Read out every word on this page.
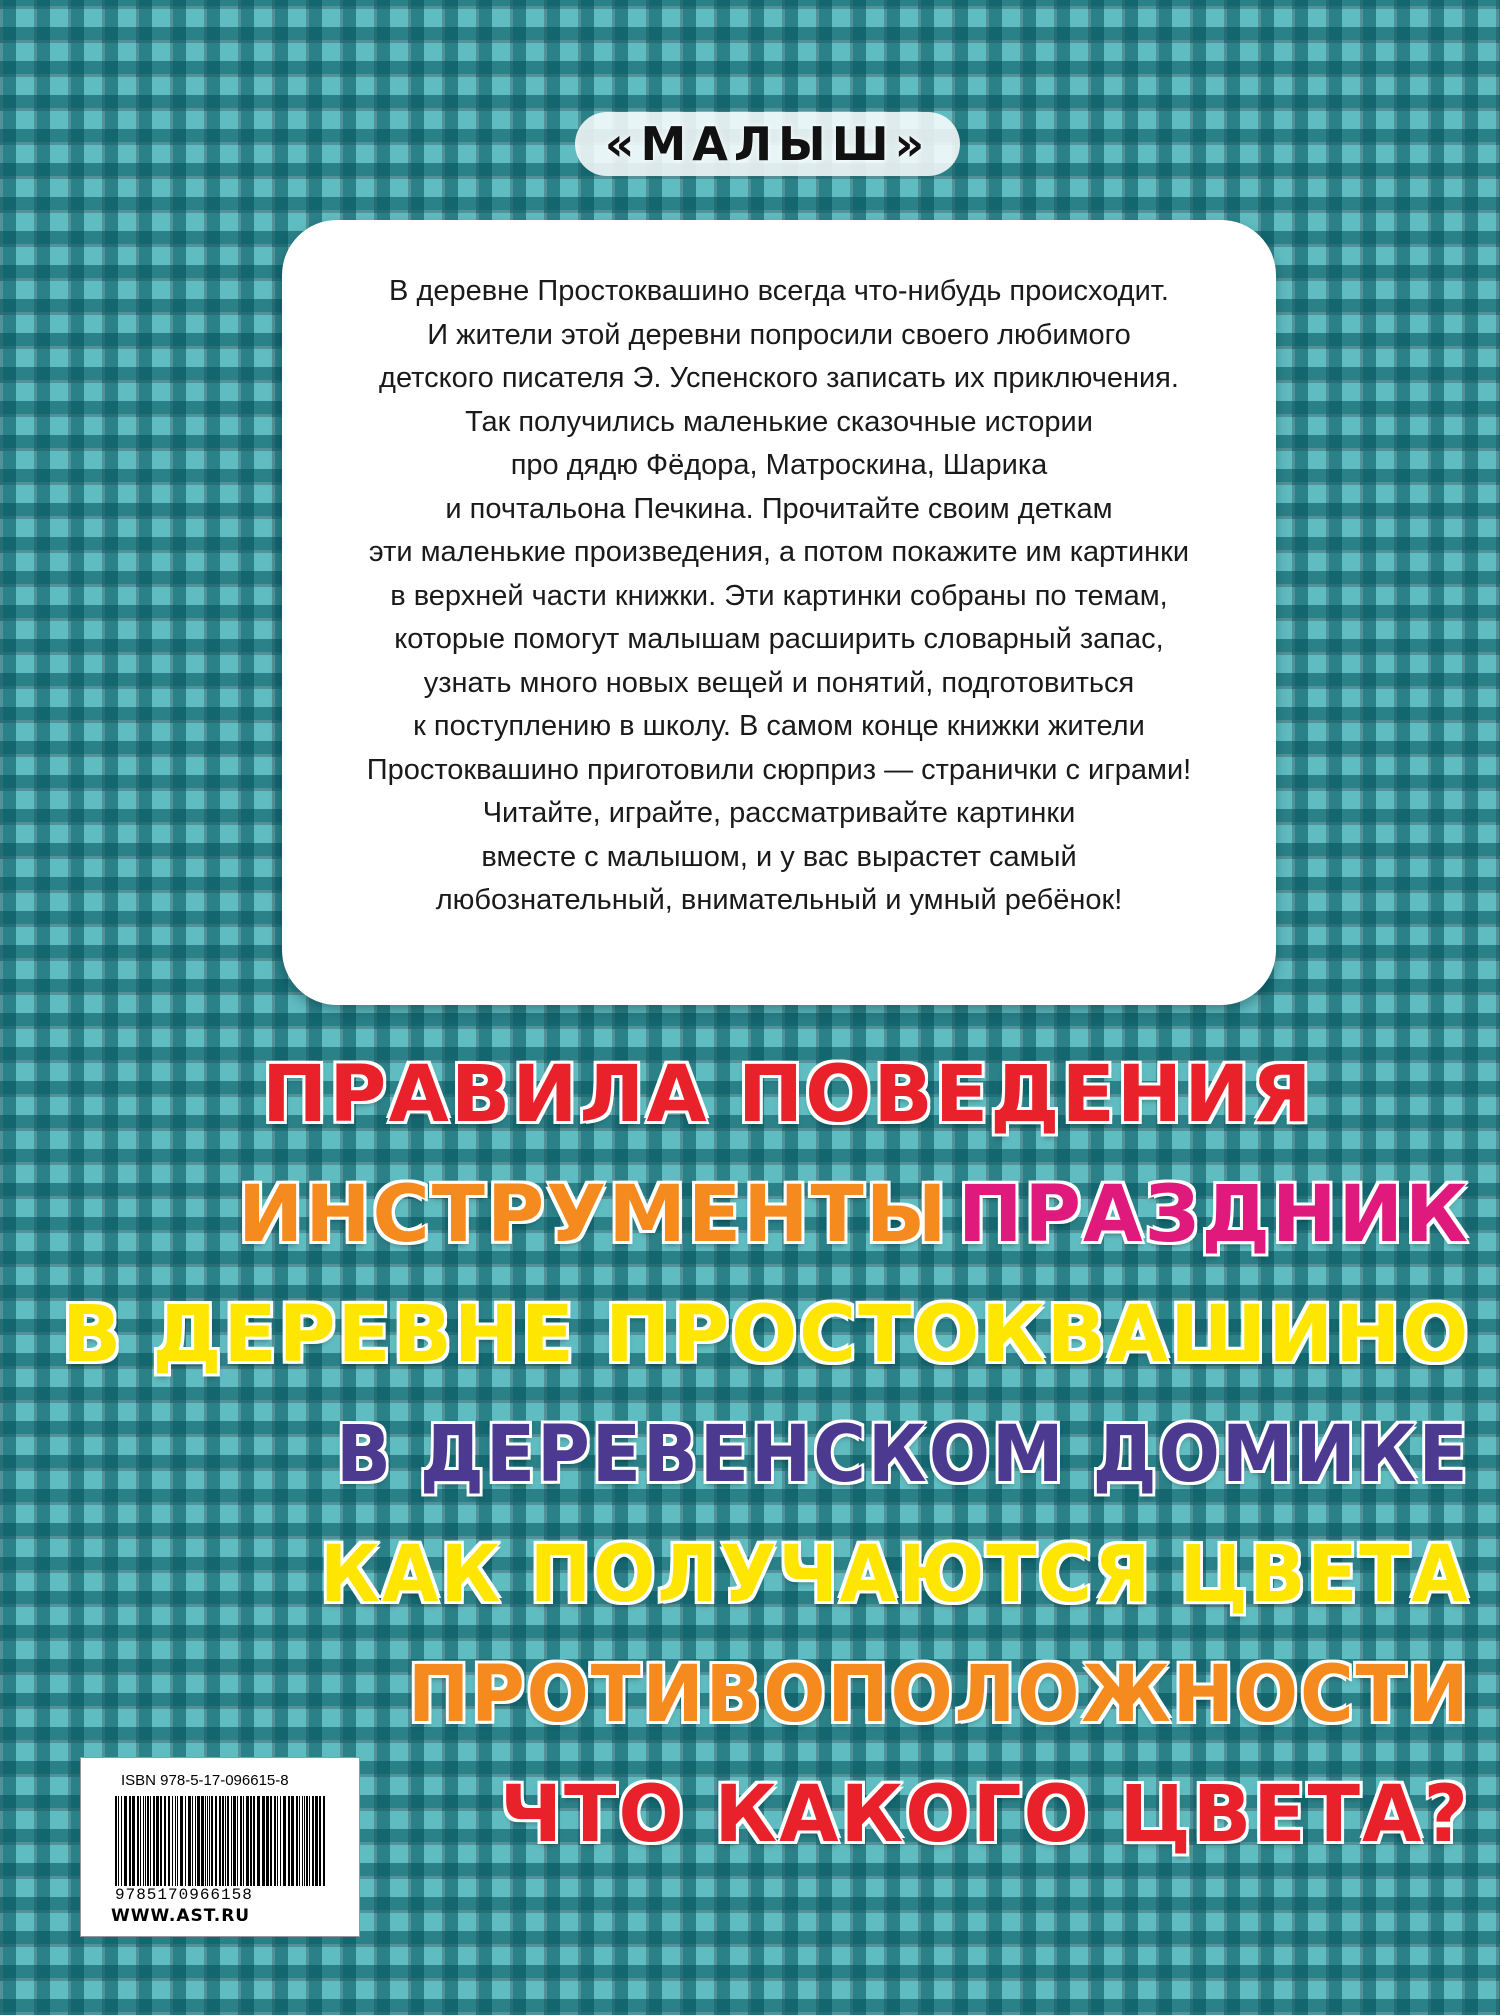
«МАЛЫШ»
В деревне Простоквашино всегда что-нибудь происходит.
И жители этой деревни попросили своего любимого
детского писателя Э. Успенского записать их приключения.
Так получились маленькие сказочные истории
про дядю Фёдора, Матроскина, Шарика
и почтальона Печкина. Прочитайте своим деткам
эти маленькие произведения, а потом покажите им картинки
в верхней части книжки. Эти картинки собраны по темам,
которые помогут малышам расширить словарный запас,
узнать много новых вещей и понятий, подготовиться
к поступлению в школу. В самом конце книжки жители
Простоквашино приготовили сюрприз — странички с играми!
Читайте, играйте, рассматривайте картинки
вместе с малышом, и у вас вырастет самый
любознательный, внимательный и умный ребёнок!
ПРАВИЛА ПОВЕДЕНИЯ
ИНСТРУМЕНТЫ ПРАЗДНИК
В ДЕРЕВНЕ ПРОСТОКВАШИНО
В ДЕРЕВЕНСКОМ ДОМИКЕ
КАК ПОЛУЧАЮТСЯ ЦВЕТА
ПРОТИВОПОЛОЖНОСТИ
ЧТО КАКОГО ЦВЕТА?
ISBN 978-5-17-096615-8
9785170966158
WWW.AST.RU
